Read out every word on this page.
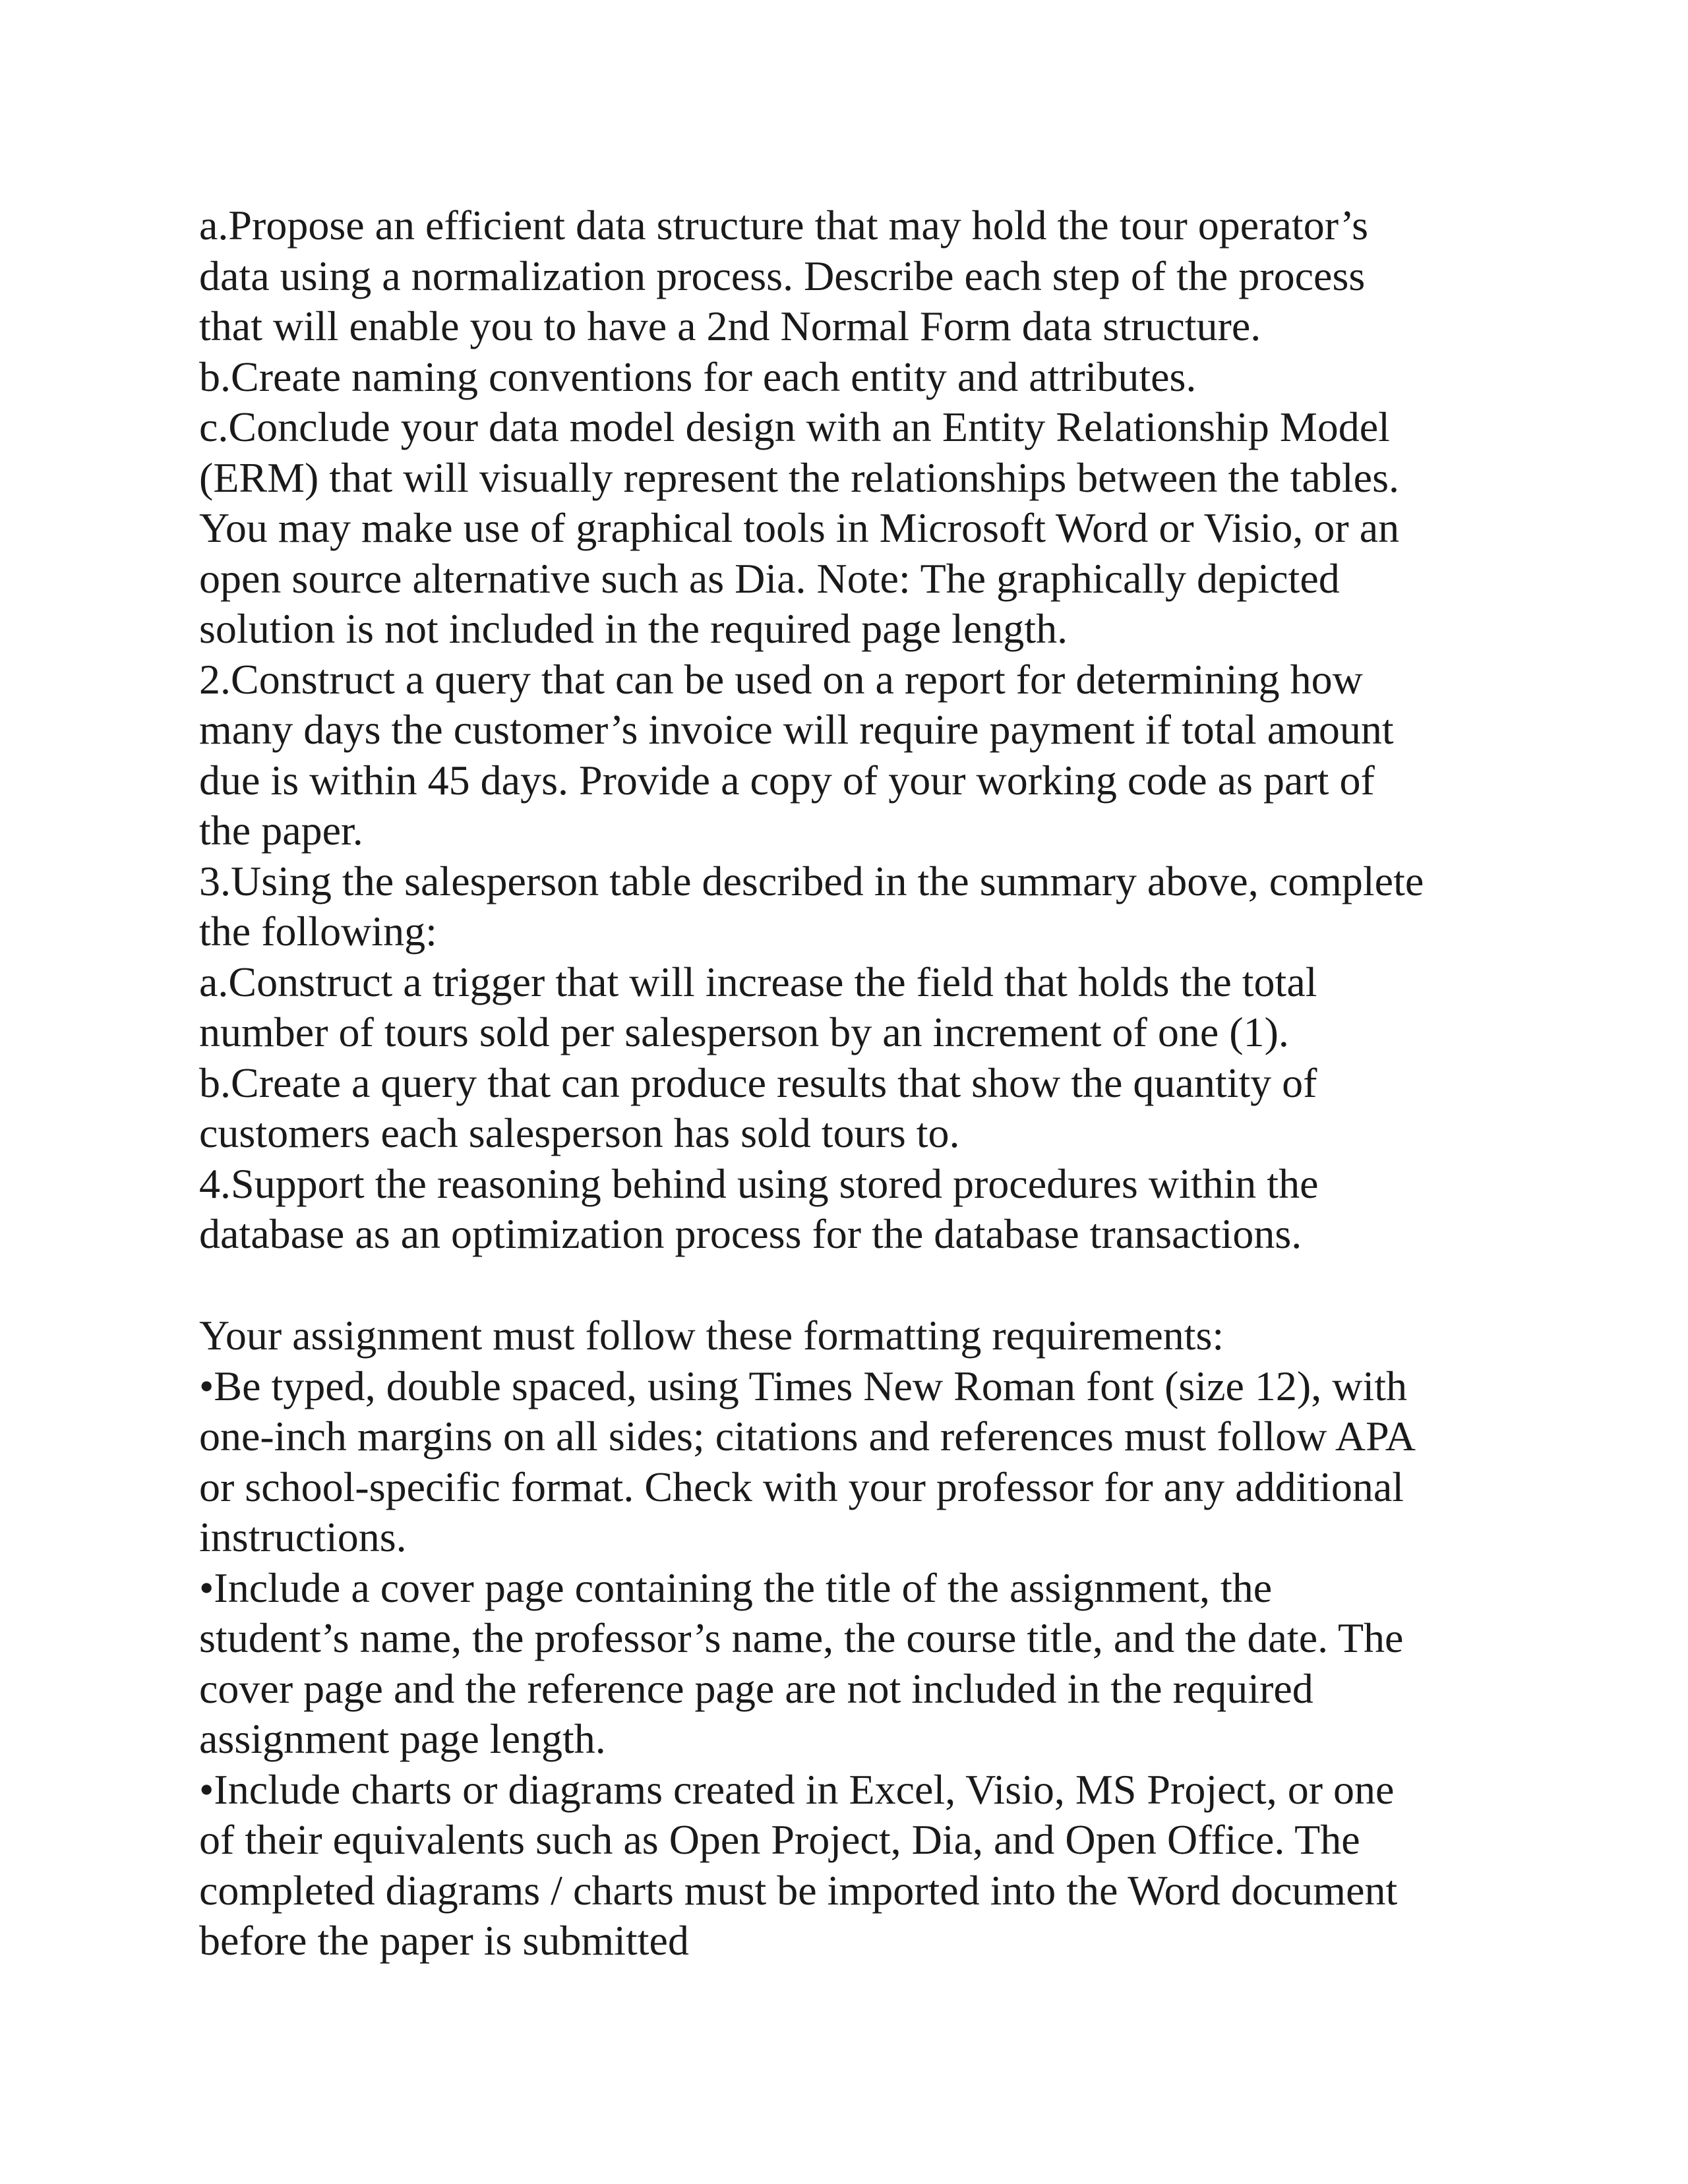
a.Propose an efficient data structure that may hold the tour operator’s
data using a normalization process. Describe each step of the process
that will enable you to have a 2nd Normal Form data structure.
b.Create naming conventions for each entity and attributes.
c.Conclude your data model design with an Entity Relationship Model
(ERM) that will visually represent the relationships between the tables.
You may make use of graphical tools in Microsoft Word or Visio, or an
open source alternative such as Dia. Note: The graphically depicted
solution is not included in the required page length.
2.Construct a query that can be used on a report for determining how
many days the customer’s invoice will require payment if total amount
due is within 45 days. Provide a copy of your working code as part of
the paper.
3.Using the salesperson table described in the summary above, complete
the following:
a.Construct a trigger that will increase the field that holds the total
number of tours sold per salesperson by an increment of one (1).
b.Create a query that can produce results that show the quantity of
customers each salesperson has sold tours to.
4.Support the reasoning behind using stored procedures within the
database as an optimization process for the database transactions.
Your assignment must follow these formatting requirements:
•Be typed, double spaced, using Times New Roman font (size 12), with
one-inch margins on all sides; citations and references must follow APA
or school-specific format. Check with your professor for any additional
instructions.
•Include a cover page containing the title of the assignment, the
student’s name, the professor’s name, the course title, and the date. The
cover page and the reference page are not included in the required
assignment page length.
•Include charts or diagrams created in Excel, Visio, MS Project, or one
of their equivalents such as Open Project, Dia, and Open Office. The
completed diagrams / charts must be imported into the Word document
before the paper is submitted
